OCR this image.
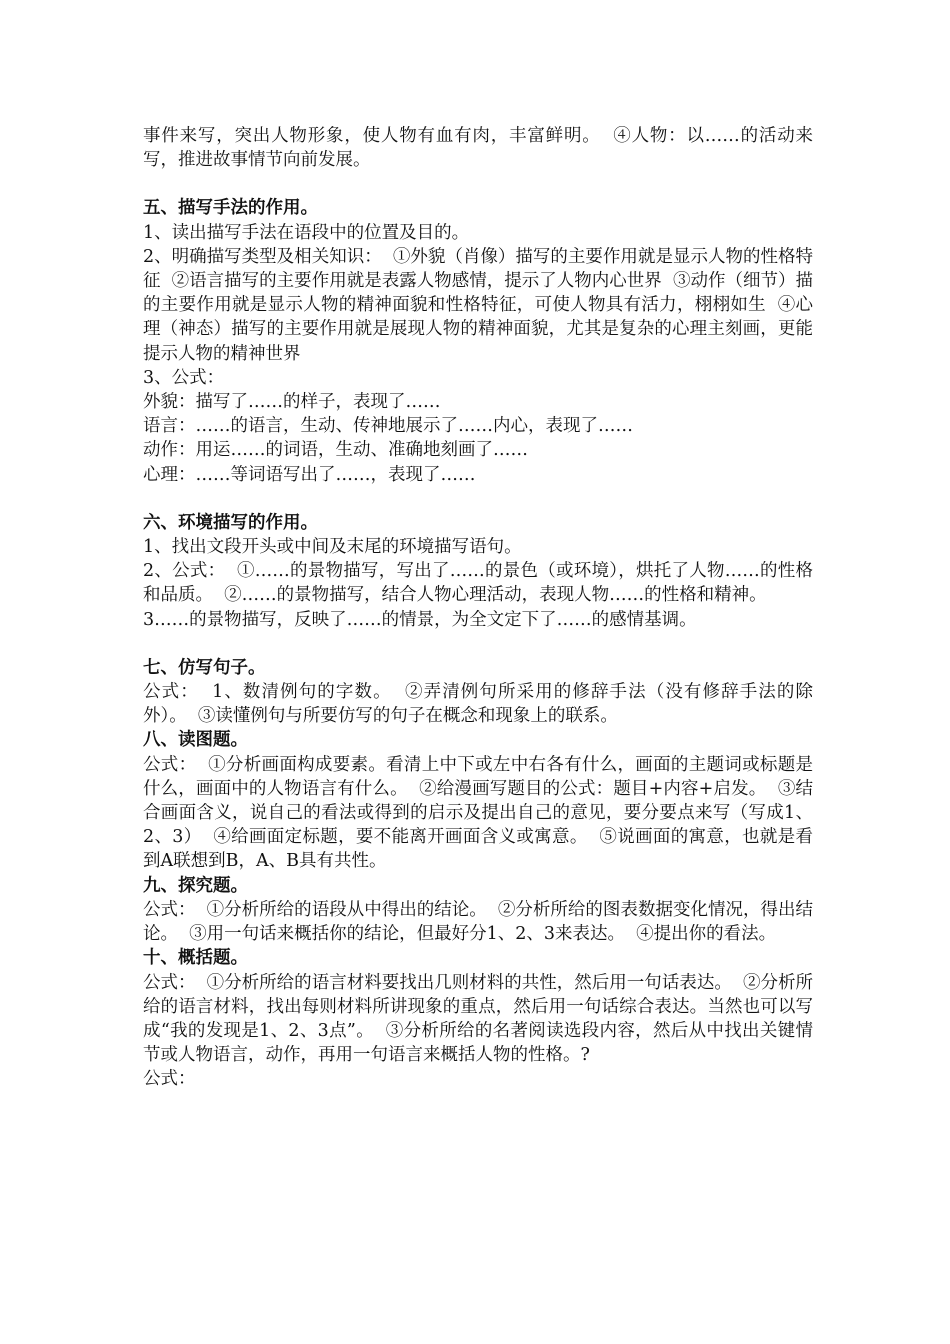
事件来写，突出人物形象，使人物有血有肉，丰富鲜明。  ④人物：以……的活动来写，推进故事情节向前发展。

五、描写手法的作用。

1、读出描写手法在语段中的位置及目的。

2、明确描写类型及相关知识：  ①外貌（肖像）描写的主要作用就是显示人物的性格特征  ②语言描写的主要作用就是表露人物感情，提示了人物内心世界  ③动作（细节）描的主要作用就是显示人物的精神面貌和性格特征，可使人物具有活力，栩栩如生  ④心理（神态）描写的主要作用就是展现人物的精神面貌，尤其是复杂的心理主刻画，更能提示人物的精神世界

3、公式：

外貌：描写了……的样子，表现了……

语言：……的语言，生动、传神地展示了……内心，表现了……

动作：用运……的词语，生动、准确地刻画了……

心理：……等词语写出了……，表现了……

六、环境描写的作用。

1、找出文段开头或中间及末尾的环境描写语句。

2、公式：  ①……的景物描写，写出了……的景色（或环境），烘托了人物……的性格和品质。  ②……的景物描写，结合人物心理活动，表现人物……的性格和精神。

3……的景物描写，反映了……的情景，为全文定下了……的感情基调。

七、仿写句子。

公式：  1、数清例句的字数。  ②弄清例句所采用的修辞手法（没有修辞手法的除外）。  ③读懂例句与所要仿写的句子在概念和现象上的联系。

八、读图题。

公式：  ①分析画面构成要素。看清上中下或左中右各有什么，画面的主题词或标题是什么，画面中的人物语言有什么。  ②给漫画写题目的公式：题目+内容+启发。  ③结合画面含义，说自己的看法或得到的启示及提出自己的意见，要分要点来写（写成1、2、3）  ④给画面定标题，要不能离开画面含义或寓意。  ⑤说画面的寓意，也就是看到A联想到B，A、B具有共性。

九、探究题。

公式：  ①分析所给的语段从中得出的结论。  ②分析所给的图表数据变化情况，得出结论。  ③用一句话来概括你的结论，但最好分1、2、3来表达。  ④提出你的看法。

十、概括题。

公式：  ①分析所给的语言材料要找出几则材料的共性，然后用一句话表达。  ②分析所给的语言材料，找出每则材料所讲现象的重点，然后用一句话综合表达。当然也可以写成“我的发现是1、2、3点”。  ③分析所给的名著阅读选段内容，然后从中找出关键情节或人物语言，动作，再用一句语言来概括人物的性格。?

公式：
